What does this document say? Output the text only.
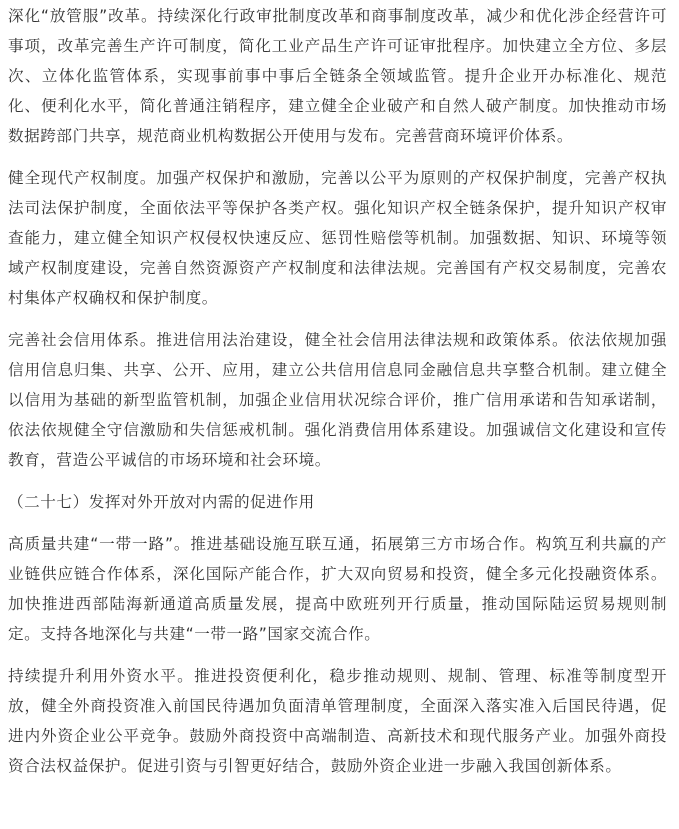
深化“放管服”改革。持续深化行政审批制度改革和商事制度改革，减少和优化涉企经营许可事项，改革完善生产许可制度，简化工业产品生产许可证审批程序。加快建立全方位、多层次、立体化监管体系，实现事前事中事后全链条全领域监管。提升企业开办标准化、规范化、便利化水平，简化普通注销程序，建立健全企业破产和自然人破产制度。加快推动市场数据跨部门共享，规范商业机构数据公开使用与发布。完善营商环境评价体系。

健全现代产权制度。加强产权保护和激励，完善以公平为原则的产权保护制度，完善产权执法司法保护制度，全面依法平等保护各类产权。强化知识产权全链条保护，提升知识产权审查能力，建立健全知识产权侵权快速反应、惩罚性赔偿等机制。加强数据、知识、环境等领域产权制度建设，完善自然资源资产产权制度和法律法规。完善国有产权交易制度，完善农村集体产权确权和保护制度。

完善社会信用体系。推进信用法治建设，健全社会信用法律法规和政策体系。依法依规加强信用信息归集、共享、公开、应用，建立公共信用信息同金融信息共享整合机制。建立健全以信用为基础的新型监管机制，加强企业信用状况综合评价，推广信用承诺和告知承诺制，依法依规健全守信激励和失信惩戒机制。强化消费信用体系建设。加强诚信文化建设和宣传教育，营造公平诚信的市场环境和社会环境。

（二十七）发挥对外开放对内需的促进作用

高质量共建“一带一路”。推进基础设施互联互通，拓展第三方市场合作。构筑互利共赢的产业链供应链合作体系，深化国际产能合作，扩大双向贸易和投资，健全多元化投融资体系。加快推进西部陆海新通道高质量发展，提高中欧班列开行质量，推动国际陆运贸易规则制定。支持各地深化与共建“一带一路”国家交流合作。

持续提升利用外资水平。推进投资便利化，稳步推动规则、规制、管理、标准等制度型开放，健全外商投资准入前国民待遇加负面清单管理制度，全面深入落实准入后国民待遇，促进内外资企业公平竞争。鼓励外商投资中高端制造、高新技术和现代服务产业。加强外商投资合法权益保护。促进引资与引智更好结合，鼓励外资企业进一步融入我国创新体系。
